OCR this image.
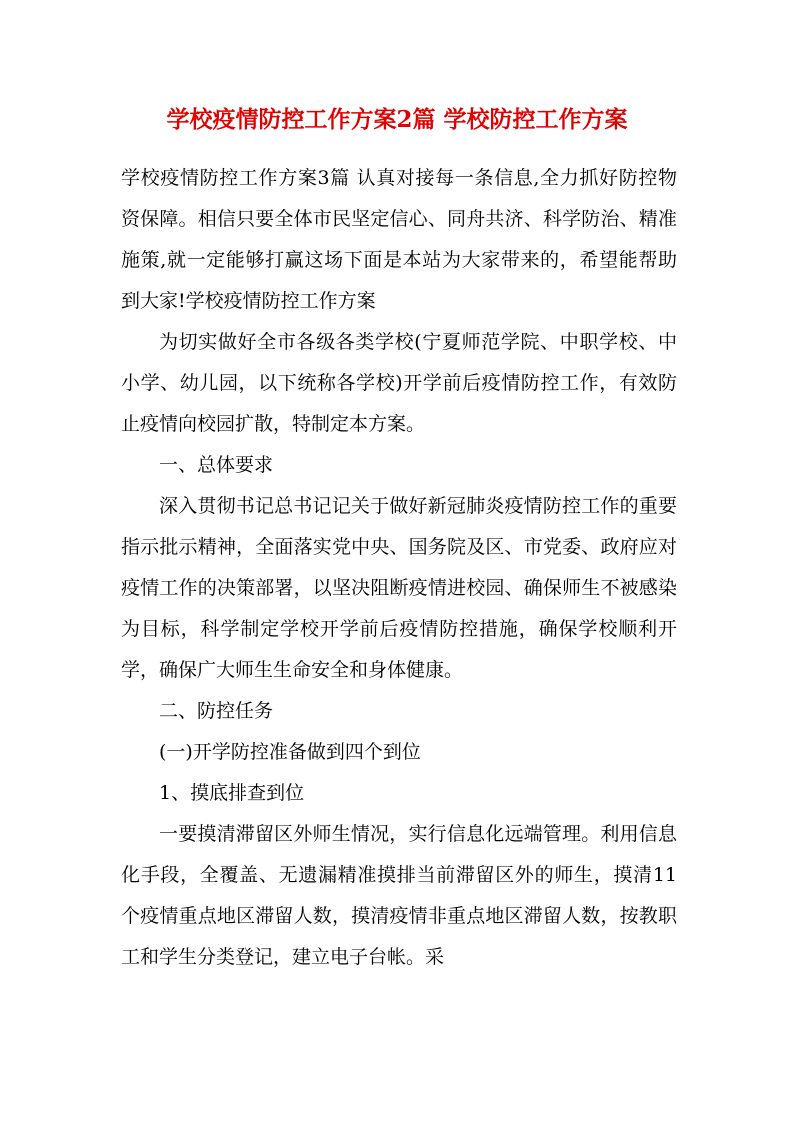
学校疫情防控工作方案2篇 学校防控工作方案

学校疫情防控工作方案3篇 认真对接每一条信息,全力抓好防控物资保障。相信只要全体市民坚定信心、同舟共济、科学防治、精准施策,就一定能够打赢这场下面是本站为大家带来的，希望能帮助到大家!学校疫情防控工作方案

为切实做好全市各级各类学校(宁夏师范学院、中职学校、中小学、幼儿园，以下统称各学校)开学前后疫情防控工作，有效防止疫情向校园扩散，特制定本方案。

一、总体要求

深入贯彻书记总书记记关于做好新冠肺炎疫情防控工作的重要指示批示精神，全面落实党中央、国务院及区、市党委、政府应对疫情工作的决策部署，以坚决阻断疫情进校园、确保师生不被感染为目标，科学制定学校开学前后疫情防控措施，确保学校顺利开学，确保广大师生生命安全和身体健康。

二、防控任务

(一)开学防控准备做到四个到位

1、摸底排查到位

一要摸清滞留区外师生情况，实行信息化远端管理。利用信息化手段，全覆盖、无遗漏精准摸排当前滞留区外的师生，摸清11个疫情重点地区滞留人数，摸清疫情非重点地区滞留人数，按教职工和学生分类登记，建立电子台帐。采
